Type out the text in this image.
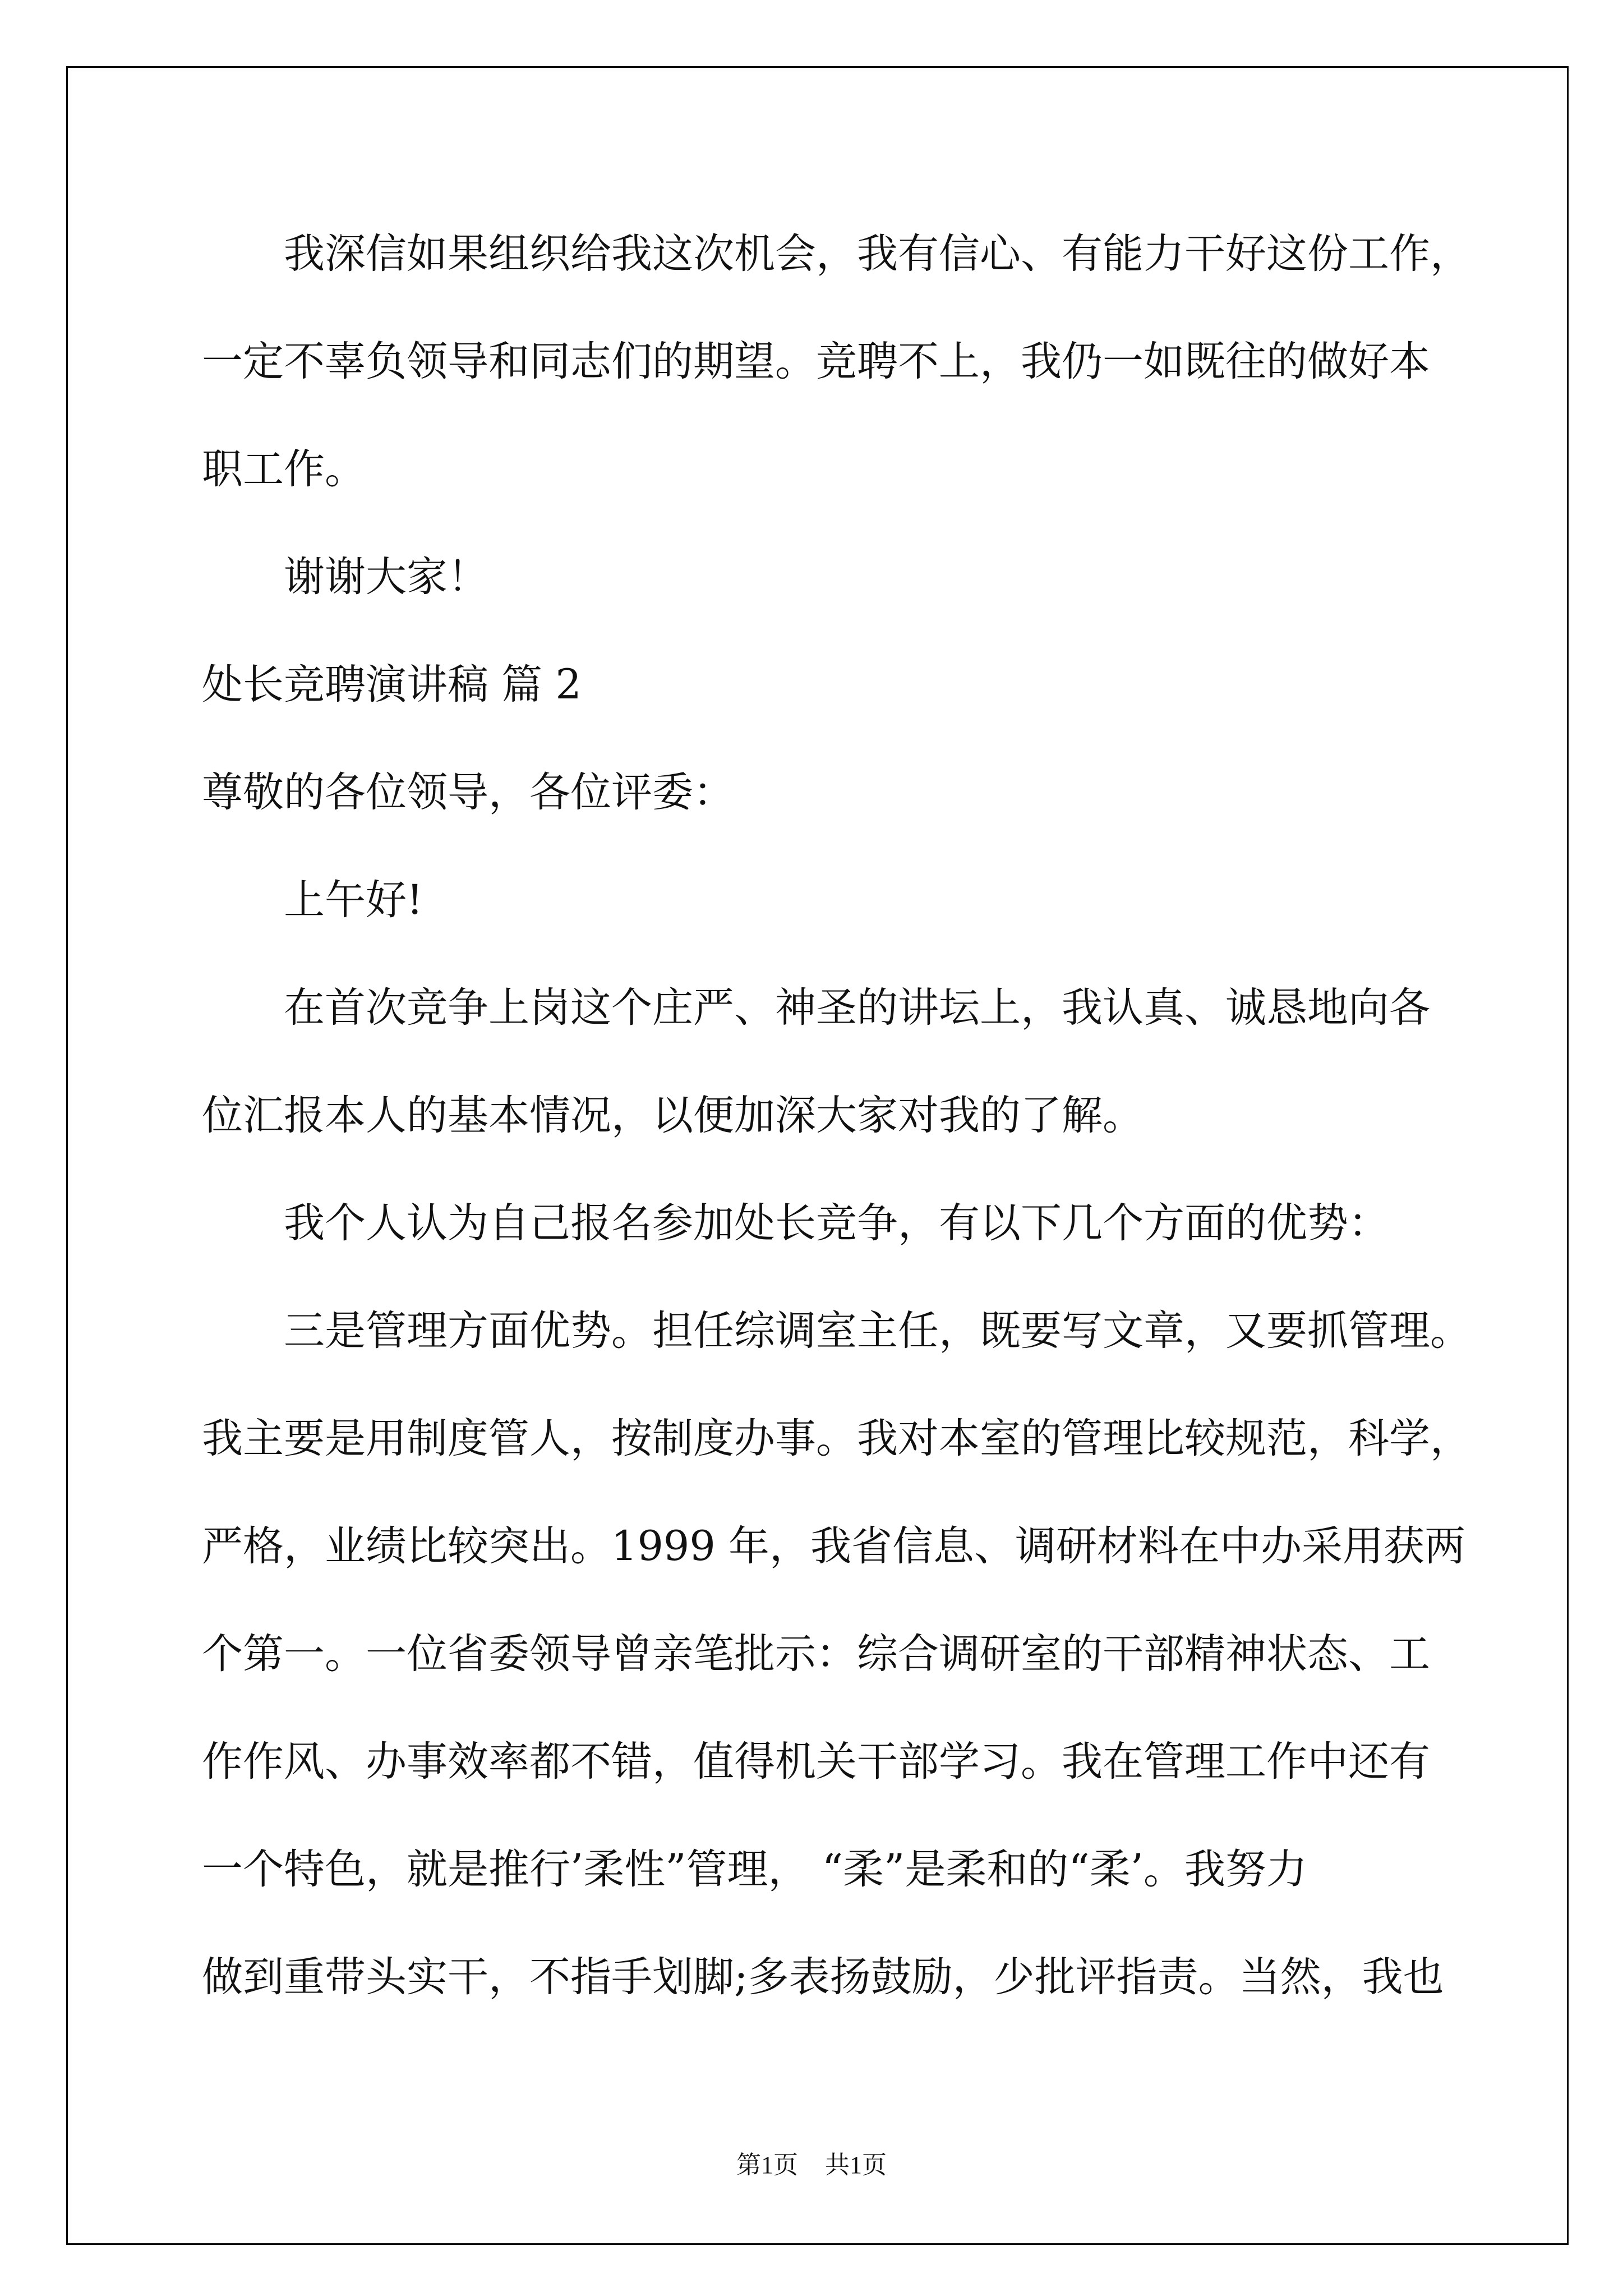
我深信如果组织给我这次机会，我有信心、有能力干好这份工作，
一定不辜负领导和同志们的期望。竞聘不上，我仍一如既往的做好本
职工作。
谢谢大家！
处长竞聘演讲稿 篇 2
尊敬的各位领导，各位评委：
上午好!
在首次竞争上岗这个庄严、神圣的讲坛上，我认真、诚恳地向各
位汇报本人的基本情况，以便加深大家对我的了解。
我个人认为自己报名参加处长竞争，有以下几个方面的优势：
三是管理方面优势。担任综调室主任，既要写文章，又要抓管理。
我主要是用制度管人，按制度办事。我对本室的管理比较规范，科学，
严格，业绩比较突出。1999 年，我省信息、调研材料在中办采用获两
个第一。一位省委领导曾亲笔批示：综合调研室的干部精神状态、工
作作风、办事效率都不错，值得机关干部学习。我在管理工作中还有
一个特色，就是推行’柔性”管理， “柔”是柔和的“柔’。我努力
做到重带头实干，不指手划脚;多表扬鼓励，少批评指责。当然，我也
第1页 共1页
